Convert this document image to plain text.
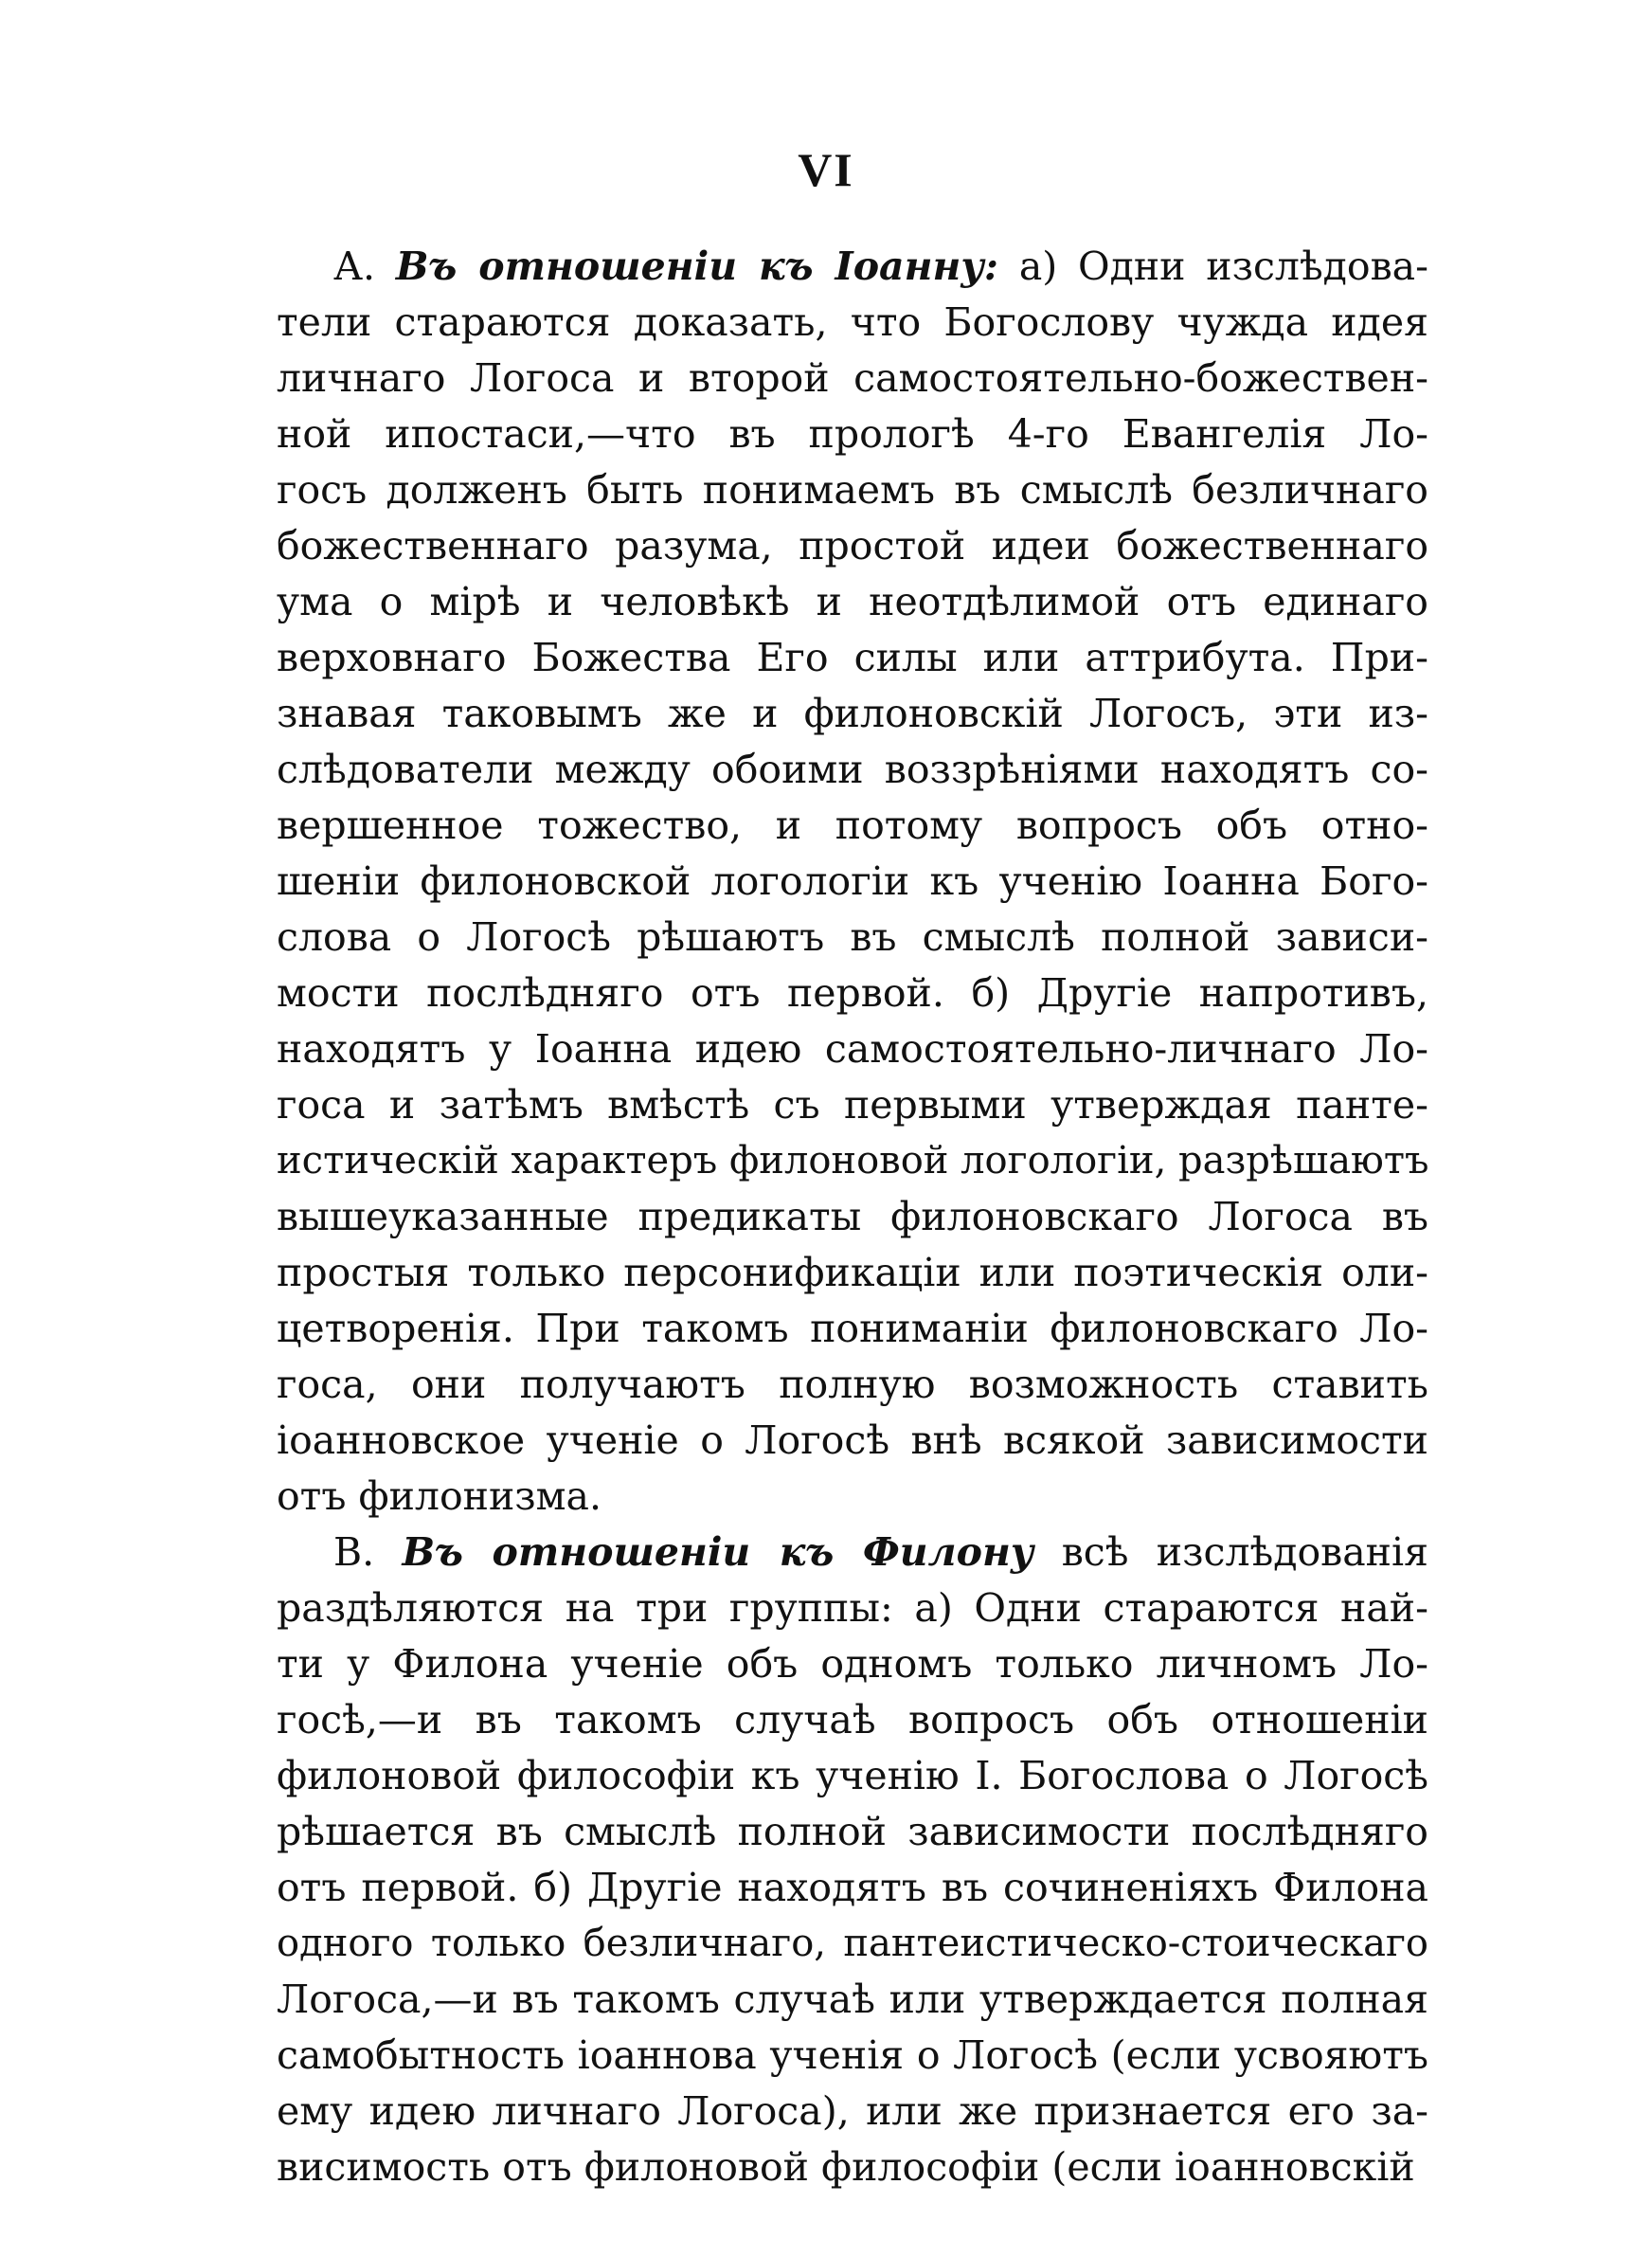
VI
А. Въ отношеніи къ Іоанну: а) Одни изслѣдова-
тели стараются доказать, что Богослову чужда идея
личнаго Логоса и второй самостоятельно-божествен-
ной ипостаси,—что въ прологѣ 4-го Евангелія Ло-
госъ долженъ быть понимаемъ въ смыслѣ безличнаго
божественнаго разума, простой идеи божественнаго
ума о мірѣ и человѣкѣ и неотдѣлимой отъ единаго
верховнаго Божества Его силы или аттрибута. При-
знавая таковымъ же и филоновскій Логосъ, эти из-
слѣдователи между обоими воззрѣніями находятъ со-
вершенное тожество, и потому вопросъ объ отно-
шеніи филоновской логологіи къ ученію Іоанна Бого-
слова о Логосѣ рѣшаютъ въ смыслѣ полной зависи-
мости послѣдняго отъ первой. б) Другіе напротивъ,
находятъ у Іоанна идею самостоятельно-личнаго Ло-
госа и затѣмъ вмѣстѣ съ первыми утверждая панте-
истическій характеръ филоновой логологіи, разрѣшаютъ
вышеуказанные предикаты филоновскаго Логоса въ
простыя только персонификаціи или поэтическія оли-
цетворенія. При такомъ пониманіи филоновскаго Ло-
госа, они получаютъ полную возможность ставить
іоанновское ученіе о Логосѣ внѣ всякой зависимости
отъ филонизма.
В. Въ отношеніи къ Филону всѣ изслѣдованія
раздѣляются на три группы: а) Одни стараются най-
ти у Филона ученіе объ одномъ только личномъ Ло-
госѣ,—и въ такомъ случаѣ вопросъ объ отношеніи
филоновой философіи къ ученію І. Богослова о Логосѣ
рѣшается въ смыслѣ полной зависимости послѣдняго
отъ первой. б) Другіе находятъ въ сочиненіяхъ Филона
одного только безличнаго, пантеистическо-стоическаго
Логоса,—и въ такомъ случаѣ или утверждается полная
самобытность іоаннова ученія о Логосѣ (если усвояютъ
ему идею личнаго Логоса), или же признается его за-
висимость отъ филоновой философіи (если іоанновскій
